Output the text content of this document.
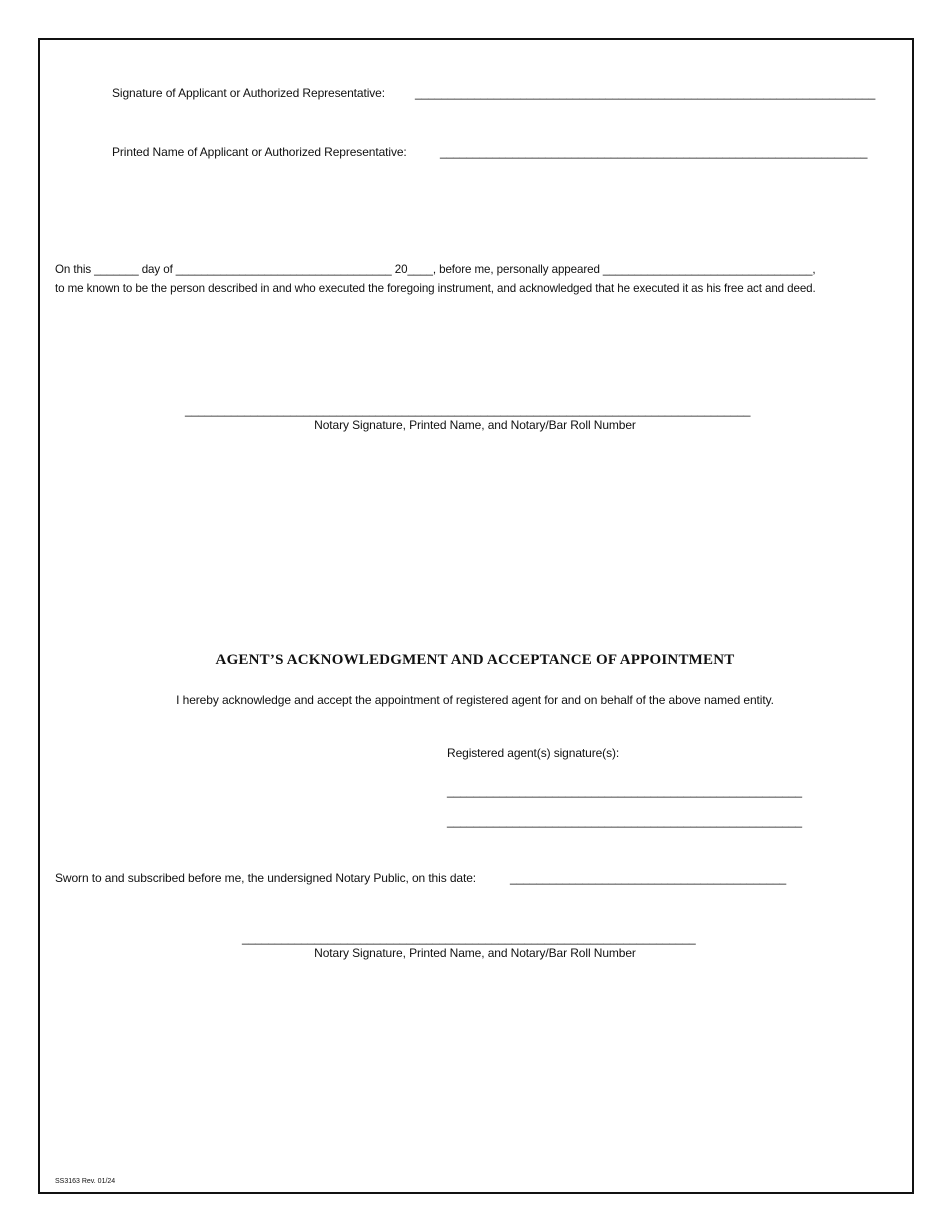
Signature of Applicant or Authorized Representative:	______________________________________________________________________
Printed Name of Applicant or Authorized Representative:	_________________________________________________________________
On this _______ day of __________________________________ 20____, before me, personally appeared _________________________________,
to me known to be the person described in and who executed the foregoing instrument, and acknowledged that he executed it as his free act and deed.
______________________________________________________________________________________
Notary Signature, Printed Name, and Notary/Bar Roll Number
AGENT’S ACKNOWLEDGMENT AND ACCEPTANCE OF APPOINTMENT
I hereby acknowledge and accept the appointment of registered agent for and on behalf of the above named entity.
Registered agent(s) signature(s):
______________________________________________________
______________________________________________________
Sworn to and subscribed before me, the undersigned Notary Public, on this date:	__________________________________________
_____________________________________________________________________
Notary Signature, Printed Name, and Notary/Bar Roll Number
SS3163 Rev. 01/24
